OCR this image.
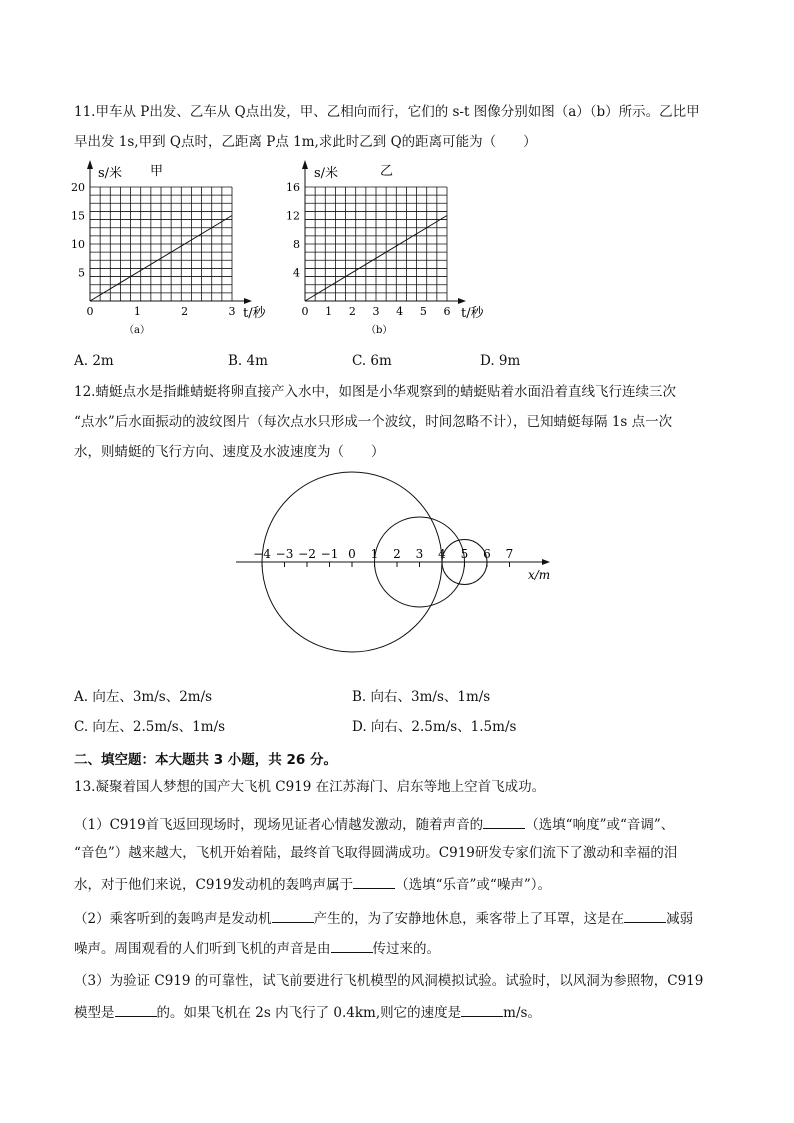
11.甲车从 P出发、乙车从 Q点出发，甲、乙相向而行，它们的 s-t 图像分别如图（a）（b）所示。乙比甲
早出发 1s,甲到 Q点时，乙距离 P点 1m,求此时乙到 Q的距离可能为（　　）
s/米 甲
t/秒
（a）
20
15
10
5
0	1	2	3
s/米	乙
t/秒
（b）
16
12
8
4
0 1 2 3 4 5 6
A. 2m	B. 4m	C. 6m	D. 9m
12.蜻蜓点水是指雌蜻蜓将卵直接产入水中，如图是小华观察到的蜻蜓贴着水面沿着直线飞行连续三次
“点水”后水面振动的波纹图片（每次点水只形成一个波纹，时间忽略不计），已知蜻蜓每隔 1s 点一次
水，则蜻蜓的飞行方向、速度及水波速度为（　　）
−4 −3 −2 −1 0 1 2 3 4 5 6 7
x/m
A. 向左、3m/s、2m/s	B. 向右、3m/s、1m/s
C. 向左、2.5m/s、1m/s	D. 向右、2.5m/s、1.5m/s
二、填空题：本大题共 3 小题，共 26 分。
13.凝聚着国人梦想的国产大飞机 C919 在江苏海门、启东等地上空首飞成功。
（1）C919首飞返回现场时，现场见证者心情越发激动，随着声音的	（选填“响度”或“音调”、
“音色”）越来越大，飞机开始着陆，最终首飞取得圆满成功。C919研发专家们流下了激动和幸福的泪
水，对于他们来说，C919发动机的轰鸣声属于	（选填“乐音”或“噪声”）。
（2）乘客听到的轰鸣声是发动机	产生的，为了安静地休息，乘客带上了耳罩，这是在	减弱
噪声。周围观看的人们听到飞机的声音是由	传过来的。
（3）为验证 C919 的可靠性，试飞前要进行飞机模型的风洞模拟试验。试验时，以风洞为参照物，C919
模型是	的。如果飞机在 2s 内飞行了 0.4km,则它的速度是	m/s。
